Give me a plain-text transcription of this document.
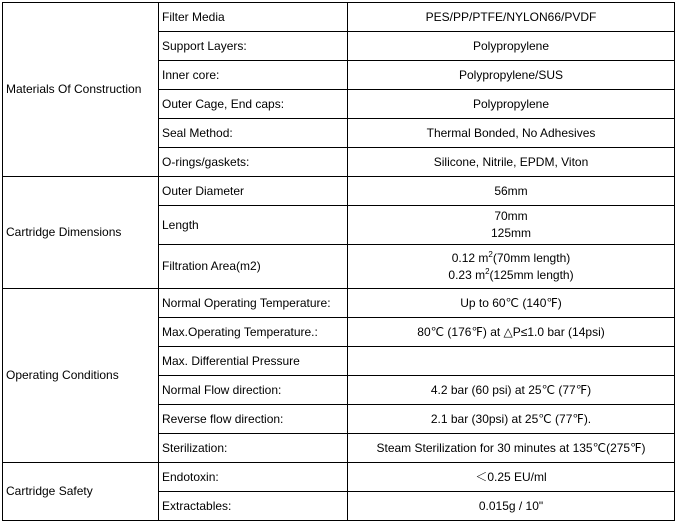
Materials Of Construction	Filter Media	PES/PP/PTFE/NYLON66/PVDF
	Support Layers:	Polypropylene
	Inner core:	Polypropylene/SUS
	Outer Cage, End caps:	Polypropylene
	Seal Method:	Thermal Bonded, No Adhesives
	O-rings/gaskets:	Silicone, Nitrile, EPDM, Viton
Cartridge Dimensions	Outer Diameter	56mm
	Length	70mm
125mm

	Filtration Area(m2)	0.12 $m^2(70mm$ length)
0.23 $m^2(125mm$ length)

Operating Conditions	Normal Operating Temperature:	Up to 60℃ (140℉)
	Max.Operating Temperature.:	80℃ (176℉) at △P≤1.0 bar (14psi)
	Max. Differential Pressure	
	Normal Flow direction:	4.2 bar (60 psi) at 25℃ (77℉)
	Reverse flow direction:	2.1 bar (30psi) at 25℃ (77℉).
	Sterilization:	Steam Sterilization for 30 minutes at 135℃(275℉)
Cartridge Safety	Endotoxin:	＜0.25 EU/ml
	Extractables:	0.015g / 10"
